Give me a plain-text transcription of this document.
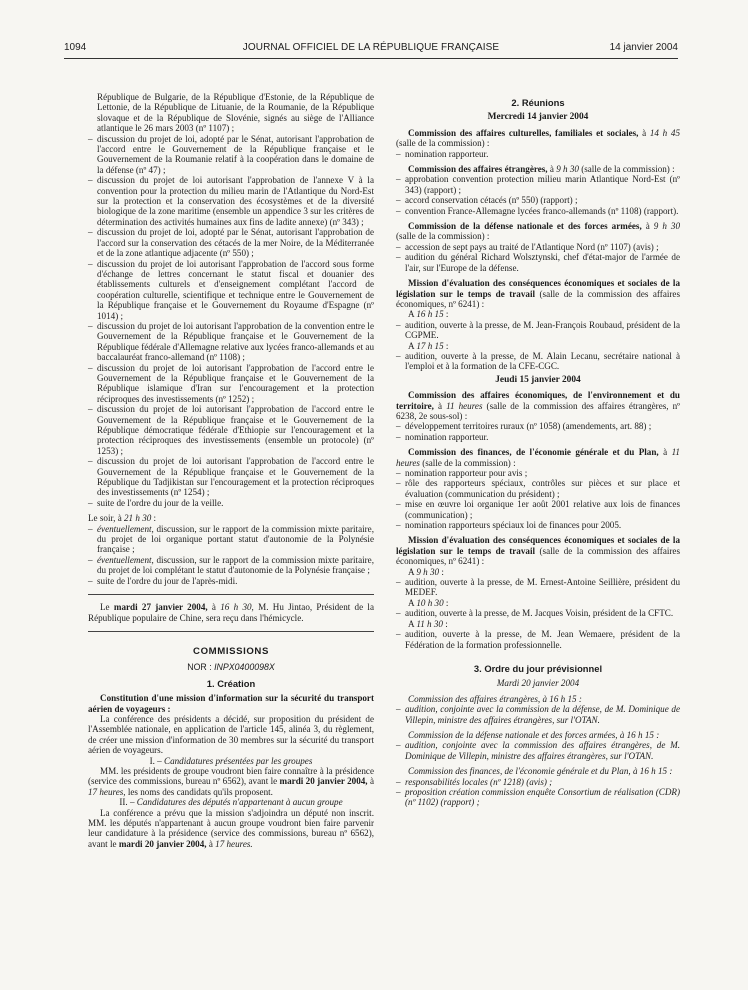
1094	JOURNAL OFFICIEL DE LA RÉPUBLIQUE FRANÇAISE	14 janvier 2004

République de Bulgarie, de la République d'Estonie, de la République de Lettonie, de la République de Lituanie, de la Roumanie, de la République slovaque et de la République de Slovénie, signés au siège de l'Alliance atlantique le 26 mars 2003 (nº 1107) ;

– discussion du projet de loi, adopté par le Sénat, autorisant l'approbation de l'accord entre le Gouvernement de la République française et le Gouvernement de la Roumanie relatif à la coopération dans le domaine de la défense (nº 47) ;

– discussion du projet de loi autorisant l'approbation de l'annexe V à la convention pour la protection du milieu marin de l'Atlantique du Nord-Est sur la protection et la conservation des écosystèmes et de la diversité biologique de la zone maritime (ensemble un appendice 3 sur les critères de détermination des activités humaines aux fins de ladite annexe) (nº 343) ;

– discussion du projet de loi, adopté par le Sénat, autorisant l'approbation de l'accord sur la conservation des cétacés de la mer Noire, de la Méditerranée et de la zone atlantique adjacente (nº 550) ;

– discussion du projet de loi autorisant l'approbation de l'accord sous forme d'échange de lettres concernant le statut fiscal et douanier des établissements culturels et d'enseignement complétant l'accord de coopération culturelle, scientifique et technique entre le Gouvernement de la République française et le Gouvernement du Royaume d'Espagne (nº 1014) ;

– discussion du projet de loi autorisant l'approbation de la convention entre le Gouvernement de la République française et le Gouvernement de la République fédérale d'Allemagne relative aux lycées franco-allemands et au baccalauréat franco-allemand (nº 1108) ;

– discussion du projet de loi autorisant l'approbation de l'accord entre le Gouvernement de la République française et le Gouvernement de la République islamique d'Iran sur l'encouragement et la protection réciproques des investissements (nº 1252) ;

– discussion du projet de loi autorisant l'approbation de l'accord entre le Gouvernement de la République française et le Gouvernement de la République démocratique fédérale d'Ethiopie sur l'encouragement et la protection réciproques des investissements (ensemble un protocole) (nº 1253) ;

– discussion du projet de loi autorisant l'approbation de l'accord entre le Gouvernement de la République française et le Gouvernement de la République du Tadjikistan sur l'encouragement et la protection réciproques des investissements (nº 1254) ;

– suite de l'ordre du jour de la veille.

Le soir, à 21 h 30 :

– éventuellement, discussion, sur le rapport de la commission mixte paritaire, du projet de loi organique portant statut d'autonomie de la Polynésie française ;

– éventuellement, discussion, sur le rapport de la commission mixte paritaire, du projet de loi complétant le statut d'autonomie de la Polynésie française ;

– suite de l'ordre du jour de l'après-midi.

Le mardi 27 janvier 2004, à 16 h 30, M. Hu Jintao, Président de la République populaire de Chine, sera reçu dans l'hémicycle.

COMMISSIONS
NOR : INPX0400098X
1. Création

Constitution d'une mission d'information sur la sécurité du transport aérien de voyageurs :

La conférence des présidents a décidé, sur proposition du président de l'Assemblée nationale, en application de l'article 145, alinéa 3, du règlement, de créer une mission d'information de 30 membres sur la sécurité du transport aérien de voyageurs.

I. – Candidatures présentées par les groupes

MM. les présidents de groupe voudront bien faire connaître à la présidence (service des commissions, bureau nº 6562), avant le mardi 20 janvier 2004, à 17 heures, les noms des candidats qu'ils proposent.

II. – Candidatures des députés n'appartenant à aucun groupe

La conférence a prévu que la mission s'adjoindra un député non inscrit. MM. les députés n'appartenant à aucun groupe voudront bien faire parvenir leur candidature à la présidence (service des commissions, bureau nº 6562), avant le mardi 20 janvier 2004, à 17 heures.

2. Réunions
Mercredi 14 janvier 2004

Commission des affaires culturelles, familiales et sociales, à 14 h 45 (salle de la commission) :

– nomination rapporteur.

Commission des affaires étrangères, à 9 h 30 (salle de la commission) :

– approbation convention protection milieu marin Atlantique Nord-Est (nº 343) (rapport) ;

– accord conservation cétacés (nº 550) (rapport) ;

– convention France-Allemagne lycées franco-allemands (nº 1108) (rapport).

Commission de la défense nationale et des forces armées, à 9 h 30 (salle de la commission) :

– accession de sept pays au traité de l'Atlantique Nord (nº 1107) (avis) ;

– audition du général Richard Wolsztynski, chef d'état-major de l'armée de l'air, sur l'Europe de la défense.

Mission d'évaluation des conséquences économiques et sociales de la législation sur le temps de travail (salle de la commission des affaires économiques, nº 6241) :

A 16 h 15 :

– audition, ouverte à la presse, de M. Jean-François Roubaud, président de la CGPME.

A 17 h 15 :

– audition, ouverte à la presse, de M. Alain Lecanu, secrétaire national à l'emploi et à la formation de la CFE-CGC.

Jeudi 15 janvier 2004

Commission des affaires économiques, de l'environnement et du territoire, à 11 heures (salle de la commission des affaires étrangères, nº 6238, 2e sous-sol) :

– développement territoires ruraux (nº 1058) (amendements, art. 88) ;

– nomination rapporteur.

Commission des finances, de l'économie générale et du Plan, à 11 heures (salle de la commission) :

– nomination rapporteur pour avis ;

– rôle des rapporteurs spéciaux, contrôles sur pièces et sur place et évaluation (communication du président) ;

– mise en œuvre loi organique 1er août 2001 relative aux lois de finances (communication) ;

– nomination rapporteurs spéciaux loi de finances pour 2005.

Mission d'évaluation des conséquences économiques et sociales de la législation sur le temps de travail (salle de la commission des affaires économiques, nº 6241) :

A 9 h 30 :

– audition, ouverte à la presse, de M. Ernest-Antoine Seillière, président du MEDEF.

A 10 h 30 :

– audition, ouverte à la presse, de M. Jacques Voisin, président de la CFTC.

A 11 h 30 :

– audition, ouverte à la presse, de M. Jean Wemaere, président de la Fédération de la formation professionnelle.

3. Ordre du jour prévisionnel
Mardi 20 janvier 2004

Commission des affaires étrangères, à 16 h 15 :

– audition, conjointe avec la commission de la défense, de M. Dominique de Villepin, ministre des affaires étrangères, sur l'OTAN.

Commission de la défense nationale et des forces armées, à 16 h 15 :

– audition, conjointe avec la commission des affaires étrangères, de M. Dominique de Villepin, ministre des affaires étrangères, sur l'OTAN.

Commission des finances, de l'économie générale et du Plan, à 16 h 15 :

– responsabilités locales (nº 1218) (avis) ;

– proposition création commission enquête Consortium de réalisation (CDR) (nº 1102) (rapport) ;
